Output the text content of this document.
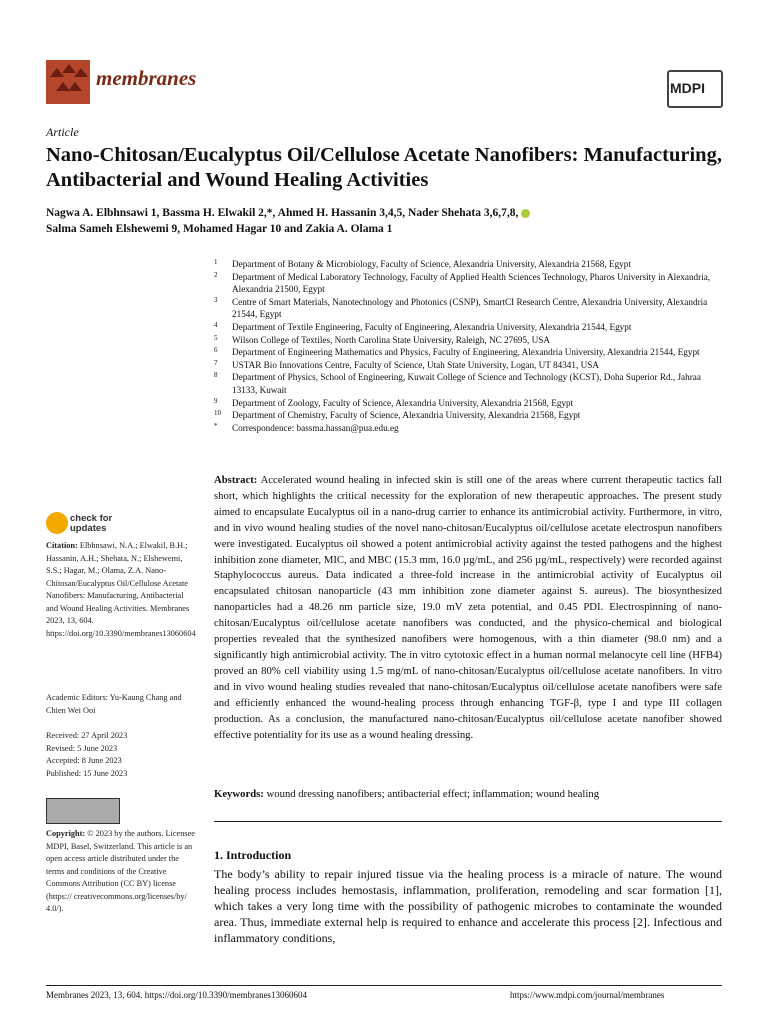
membranes	MDPI
Article
Nano-Chitosan/Eucalyptus Oil/Cellulose Acetate Nanofibers: Manufacturing, Antibacterial and Wound Healing Activities
Nagwa A. Elbhnsawi 1, Bassma H. Elwakil 2,*, Ahmed H. Hassanin 3,4,5, Nader Shehata 3,6,7,8,
Salma Sameh Elshewemi 9, Mohamed Hagar 10 and Zakia A. Olama 1
1 Department of Botany & Microbiology, Faculty of Science, Alexandria University, Alexandria 21568, Egypt
2 Department of Medical Laboratory Technology, Faculty of Applied Health Sciences Technology, Pharos University in Alexandria, Alexandria 21500, Egypt
3 Centre of Smart Materials, Nanotechnology and Photonics (CSNP), SmartCI Research Centre, Alexandria University, Alexandria 21544, Egypt
4 Department of Textile Engineering, Faculty of Engineering, Alexandria University, Alexandria 21544, Egypt
5 Wilson College of Textiles, North Carolina State University, Raleigh, NC 27695, USA
6 Department of Engineering Mathematics and Physics, Faculty of Engineering, Alexandria University, Alexandria 21544, Egypt
7 USTAR Bio Innovations Centre, Faculty of Science, Utah State University, Logan, UT 84341, USA
8 Department of Physics, School of Engineering, Kuwait College of Science and Technology (KCST), Doha Superior Rd., Jahraa 13133, Kuwait
9 Department of Zoology, Faculty of Science, Alexandria University, Alexandria 21568, Egypt
10 Department of Chemistry, Faculty of Science, Alexandria University, Alexandria 21568, Egypt
* Correspondence: bassma.hassan@pua.edu.eg
check for
updates
Citation: Elbhnsawi, N.A.; Elwakil, B.H.; Hassanin, A.H.; Shehata, N.; Elshewemi, S.S.; Hagar, M.; Olama, Z.A. Nano-Chitosan/Eucalyptus Oil/Cellulose Acetate Nanofibers: Manufacturing, Antibacterial and Wound Healing Activities. Membranes 2023, 13, 604. https://doi.org/10.3390/membranes13060604
Academic Editors: Yu-Kaung Chang and Chien Wei Ooi
Received: 27 April 2023
Revised: 5 June 2023
Accepted: 8 June 2023
Published: 15 June 2023
Copyright: © 2023 by the authors. Licensee MDPI, Basel, Switzerland. This article is an open access article distributed under the terms and conditions of the Creative Commons Attribution (CC BY) license (https:// creativecommons.org/licenses/by/ 4.0/).
Abstract: Accelerated wound healing in infected skin is still one of the areas where current therapeutic tactics fall short, which highlights the critical necessity for the exploration of new therapeutic approaches. The present study aimed to encapsulate Eucalyptus oil in a nano-drug carrier to enhance its antimicrobial activity. Furthermore, in vitro, and in vivo wound healing studies of the novel nano-chitosan/Eucalyptus oil/cellulose acetate electrospun nanofibers were investigated. Eucalyptus oil showed a potent antimicrobial activity against the tested pathogens and the highest inhibition zone diameter, MIC, and MBC (15.3 mm, 16.0 µg/mL, and 256 µg/mL, respectively) were recorded against Staphylococcus aureus. Data indicated a three-fold increase in the antimicrobial activity of Eucalyptus oil encapsulated chitosan nanoparticle (43 mm inhibition zone diameter against S. aureus). The biosynthesized nanoparticles had a 48.26 nm particle size, 19.0 mV zeta potential, and 0.45 PDI. Electrospinning of nano-chitosan/Eucalyptus oil/cellulose acetate nanofibers was conducted, and the physico-chemical and biological properties revealed that the synthesized nanofibers were homogenous, with a thin diameter (98.0 nm) and a significantly high antimicrobial activity. The in vitro cytotoxic effect in a human normal melanocyte cell line (HFB4) proved an 80% cell viability using 1.5 mg/mL of nano-chitosan/Eucalyptus oil/cellulose acetate nanofibers. In vitro and in vivo wound healing studies revealed that nano-chitosan/Eucalyptus oil/cellulose acetate nanofibers were safe and efficiently enhanced the wound-healing process through enhancing TGF-β, type I and type III collagen production. As a conclusion, the manufactured nano-chitosan/Eucalyptus oil/cellulose acetate nanofiber showed effective potentiality for its use as a wound healing dressing.
Keywords: wound dressing nanofibers; antibacterial effect; inflammation; wound healing
1. Introduction
The body’s ability to repair injured tissue via the healing process is a miracle of nature. The wound healing process includes hemostasis, inflammation, proliferation, remodeling and scar formation [1], which takes a very long time with the possibility of pathogenic microbes to contaminate the wounded area. Thus, immediate external help is required to enhance and accelerate this process [2]. Infectious and inflammatory conditions,
Membranes 2023, 13, 604. https://doi.org/10.3390/membranes13060604	https://www.mdpi.com/journal/membranes
